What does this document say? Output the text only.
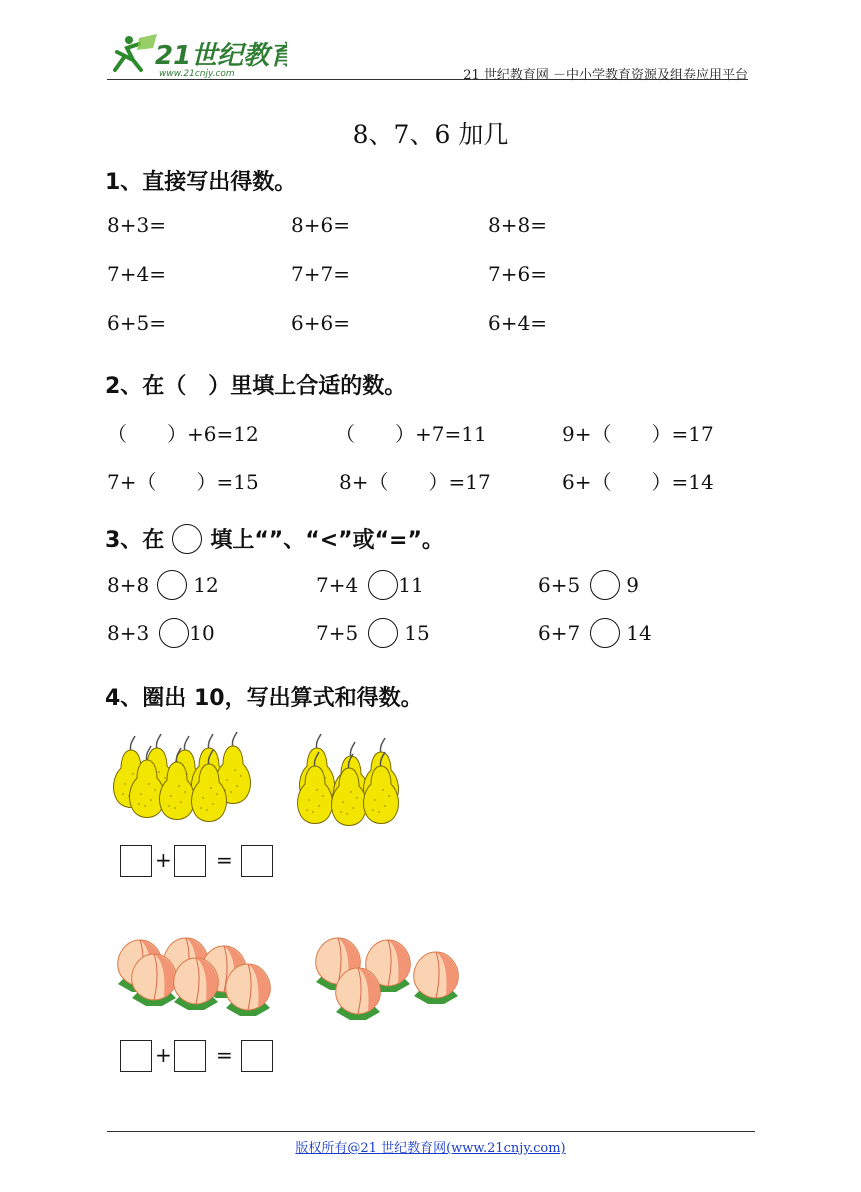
21世纪教育
www.21cnjy.com	21 世纪教育网 －中小学教育资源及组卷应用平台
8、7、6 加几
1、直接写出得数。
8+3=	8+6=	8+8=
7+4=	7+7=	7+6=
6+5=	6+6=	6+4=
2、在（　）里填上合适的数。
（　　）+6=12	（　　）+7=11	9+（　　）=17
7+（　　）=15	8+（　　）=17	6+（　　）=14
3、在 填上“”、“<”或“=”。
8+8 12	7+4 11	6+5 9
8+3 10	7+5 15	6+7 14
4、圈出 10，写出算式和得数。
+ =
+ =
版权所有@21 世纪教育网(www.21cnjy.com)
